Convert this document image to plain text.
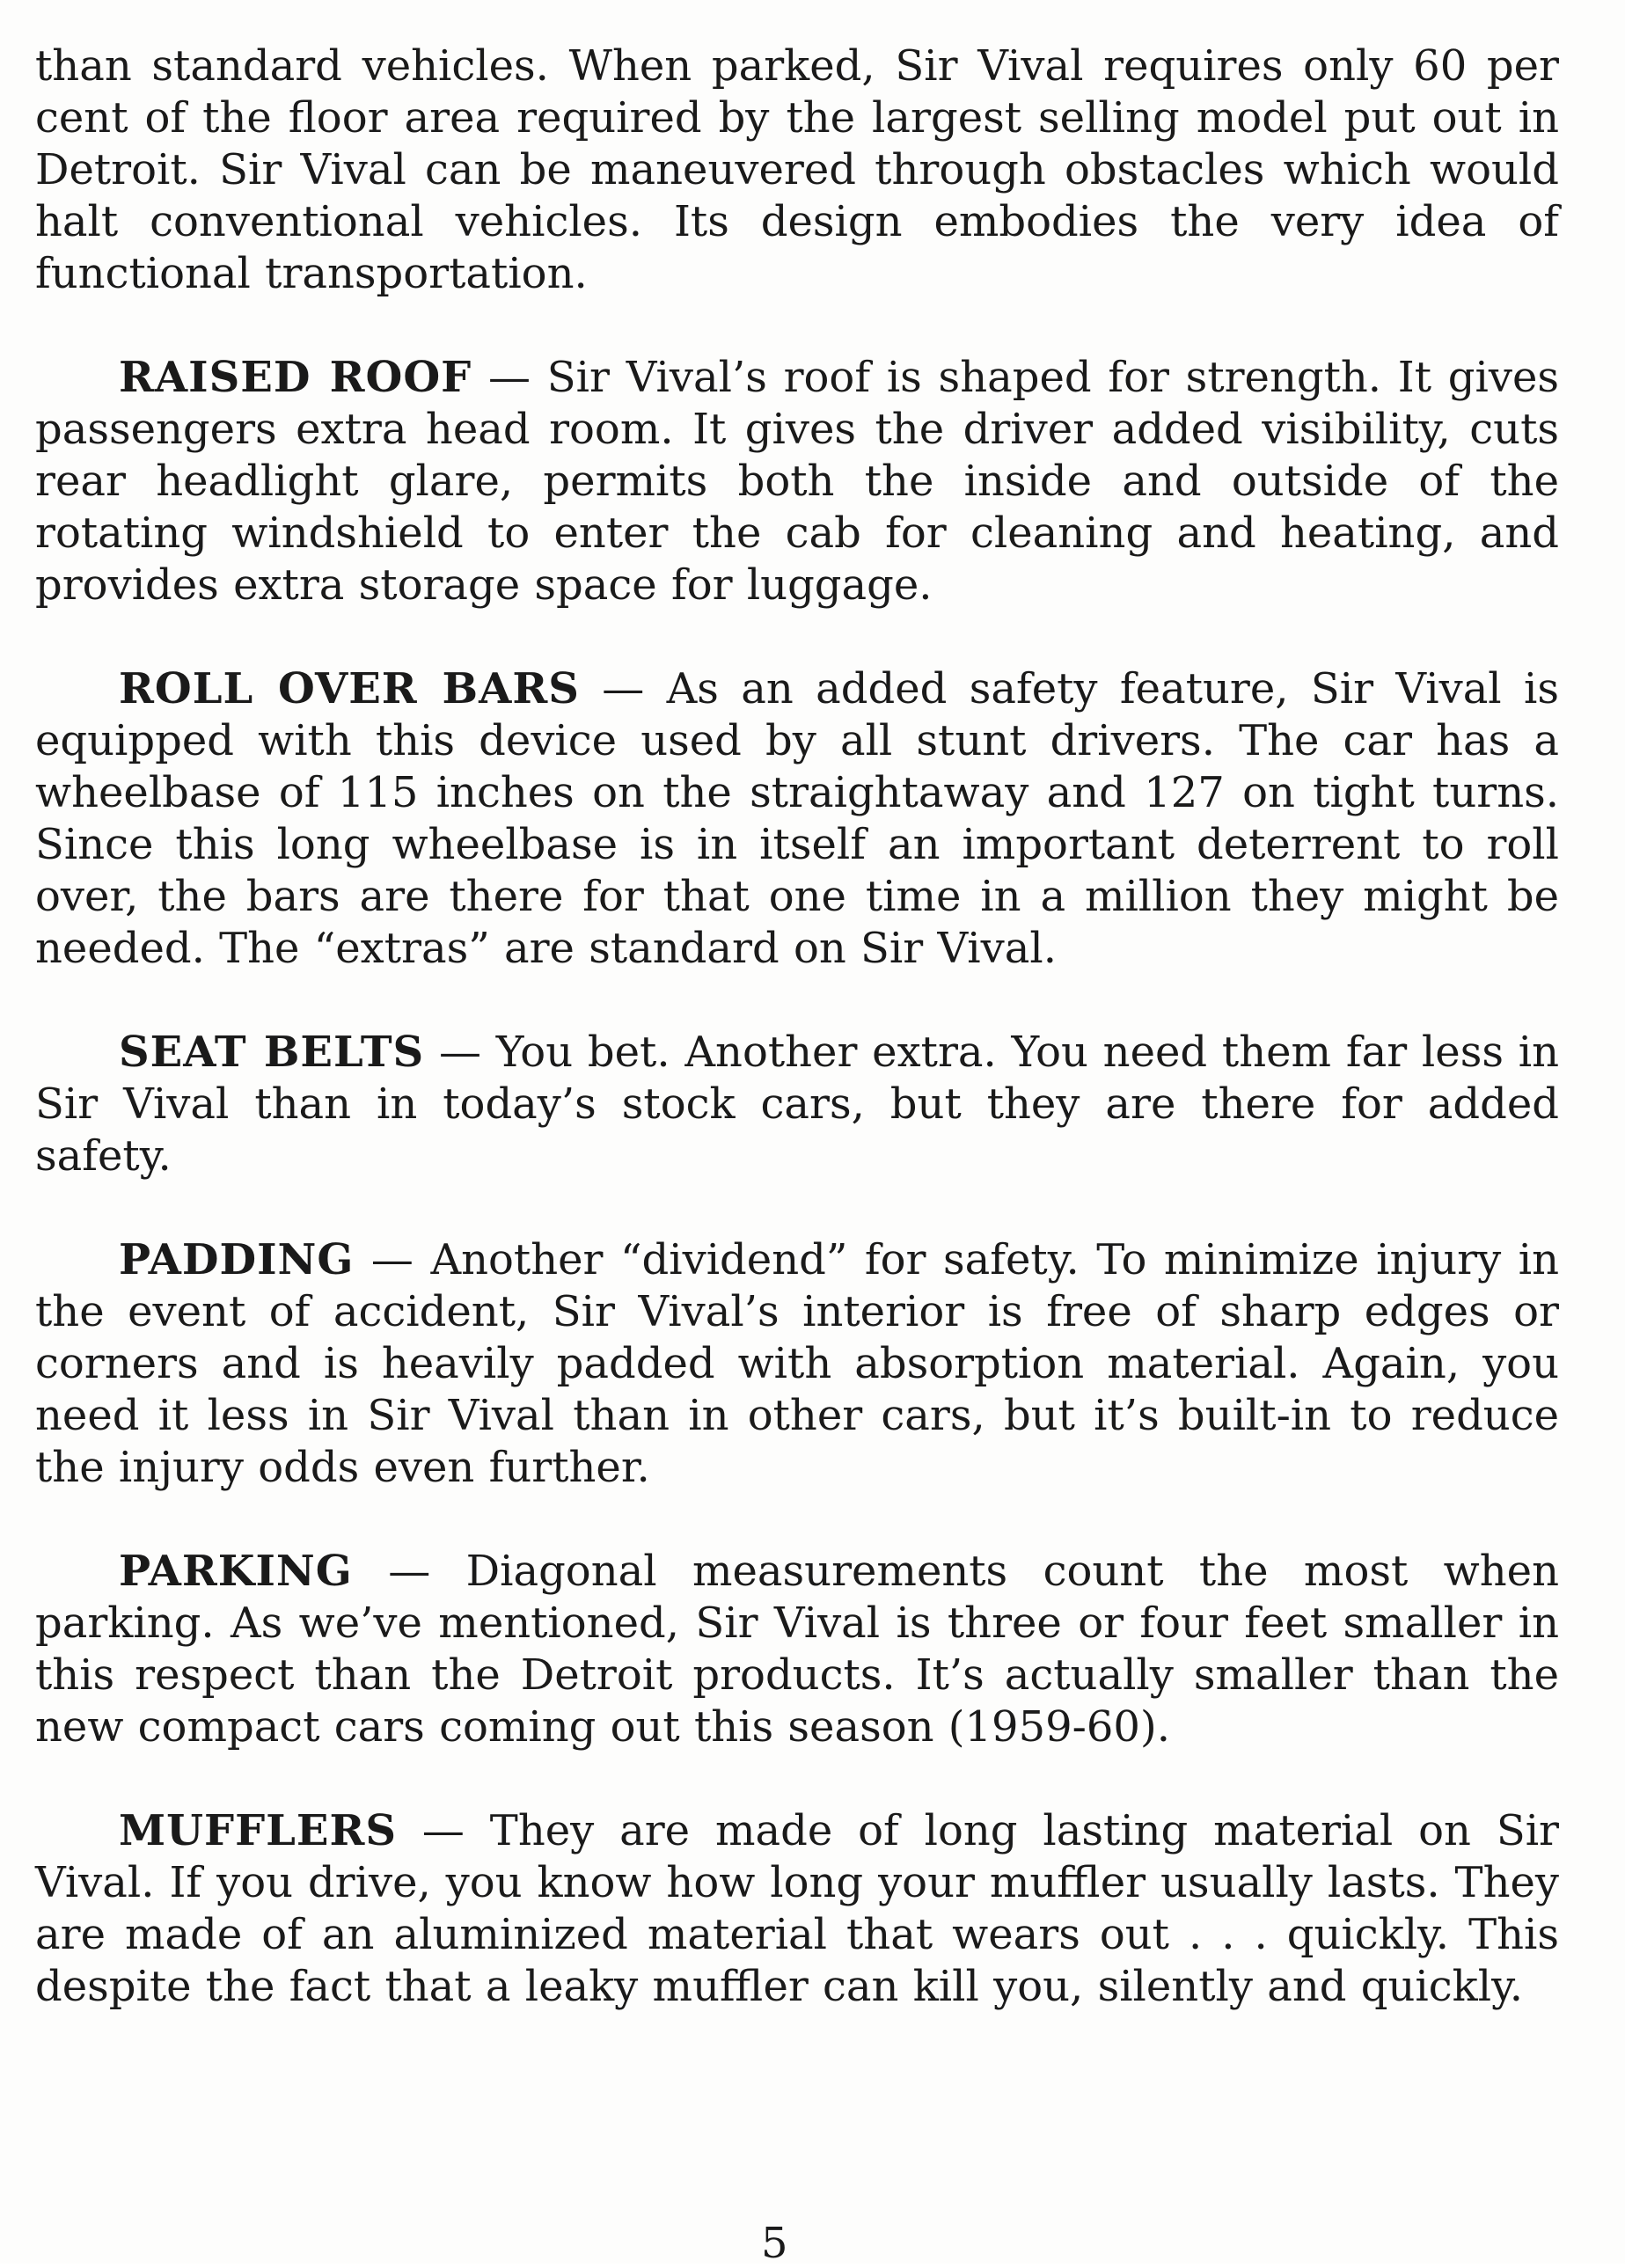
than standard vehicles. When parked, Sir Vival requires only 60 per cent of the floor area required by the largest selling model put out in Detroit. Sir Vival can be maneuvered through obstacles which would halt conventional vehicles. Its design embodies the very idea of functional transportation.

RAISED ROOF — Sir Vival’s roof is shaped for strength. It gives passengers extra head room. It gives the driver added visibility, cuts rear headlight glare, permits both the inside and outside of the rotating windshield to enter the cab for cleaning and heating, and provides extra storage space for luggage.

ROLL OVER BARS — As an added safety feature, Sir Vival is equipped with this device used by all stunt drivers. The car has a wheelbase of 115 inches on the straightaway and 127 on tight turns. Since this long wheelbase is in itself an important deterrent to roll over, the bars are there for that one time in a million they might be needed. The “extras” are standard on Sir Vival.

SEAT BELTS — You bet. Another extra. You need them far less in Sir Vival than in today’s stock cars, but they are there for added safety.

PADDING — Another “dividend” for safety. To minimize injury in the event of accident, Sir Vival’s interior is free of sharp edges or corners and is heavily padded with absorption material. Again, you need it less in Sir Vival than in other cars, but it’s built-in to reduce the injury odds even further.

PARKING — Diagonal measurements count the most when parking. As we’ve mentioned, Sir Vival is three or four feet smaller in this respect than the Detroit products. It’s actually smaller than the new compact cars coming out this season (1959-60).

MUFFLERS — They are made of long lasting material on Sir Vival. If you drive, you know how long your muffler usually lasts. They are made of an aluminized material that wears out . . . quickly. This despite the fact that a leaky muffler can kill you, silently and quickly.

5
